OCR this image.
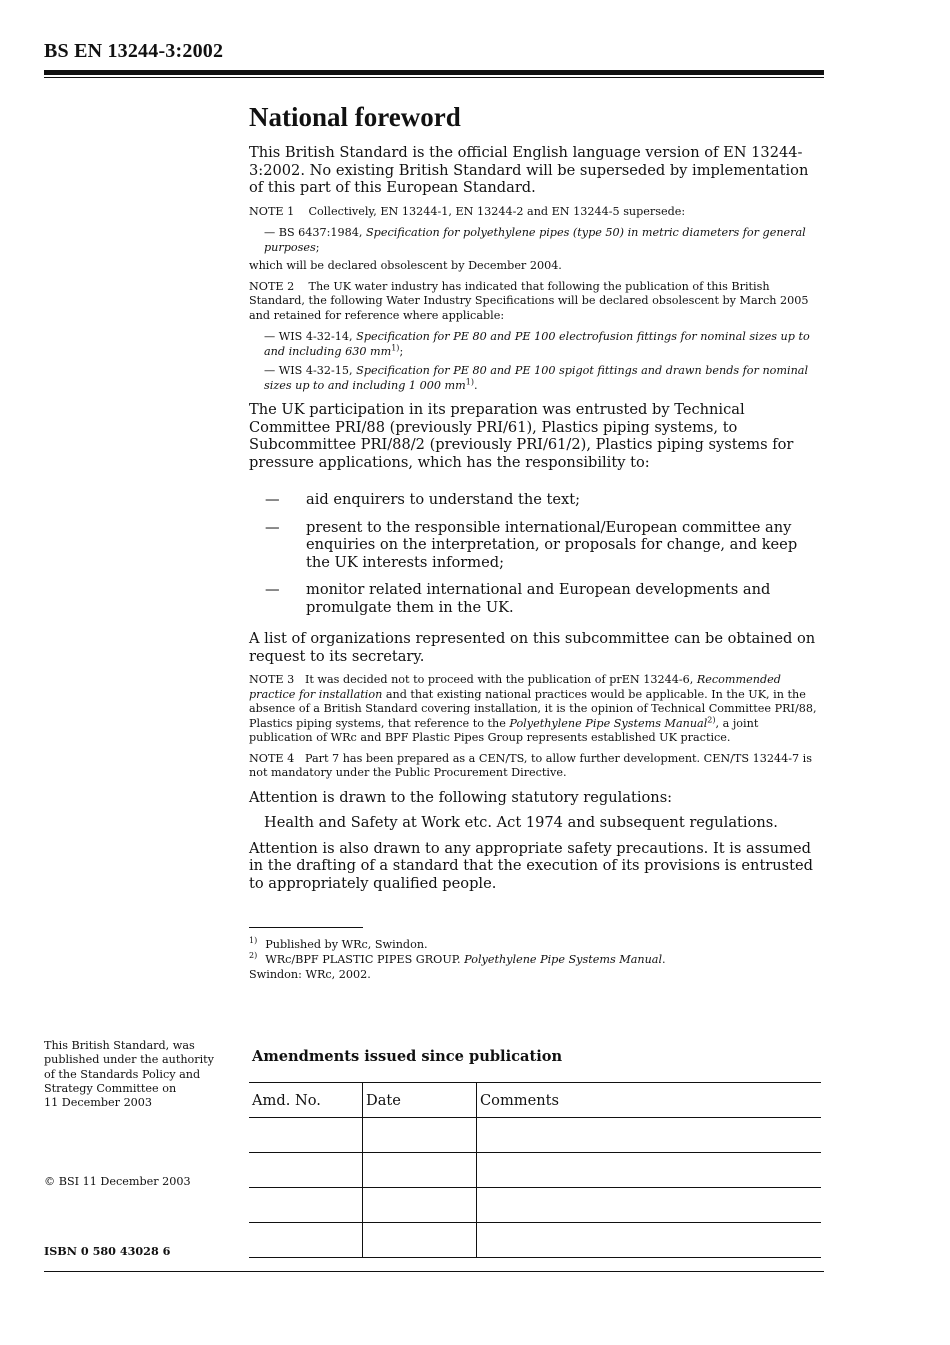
BS EN 13244-3:2002
National foreword

This British Standard is the official English language version of EN 13244-3:2002. No existing British Standard will be superseded by implementation of this part of this European Standard.

NOTE 1 Collectively, EN 13244-1, EN 13244-2 and EN 13244-5 supersede:
— BS 6437:1984, Specification for polyethylene pipes (type 50) in metric diameters for general purposes;
which will be declared obsolescent by December 2004.
NOTE 2 The UK water industry has indicated that following the publication of this British Standard, the following Water Industry Specifications will be declared obsolescent by March 2005 and retained for reference where applicable:
— WIS 4-32-14, Specification for PE 80 and PE 100 electrofusion fittings for nominal sizes up to and including 630 $mm^{1)}$;
— WIS 4-32-15, Specification for PE 80 and PE 100 spigot fittings and drawn bends for nominal sizes up to and including 1 000 $mm^{1)}$.

The UK participation in its preparation was entrusted by Technical Committee PRI/88 (previously PRI/61), Plastics piping systems, to Subcommittee PRI/88/2 (previously PRI/61/2), Plastics piping systems for pressure applications, which has the responsibility to:

—	aid enquirers to understand the text;
—	present to the responsible international/European committee any enquiries on the interpretation, or proposals for change, and keep the UK interests informed;
—	monitor related international and European developments and promulgate them in the UK.

A list of organizations represented on this subcommittee can be obtained on request to its secretary.

NOTE 3 It was decided not to proceed with the publication of prEN 13244-6, Recommended practice for installation and that existing national practices would be applicable. In the UK, in the absence of a British Standard covering installation, it is the opinion of Technical Committee PRI/88, Plastics piping systems, that reference to the Polyethylene Pipe Systems Manual$^{2)}$, a joint publication of WRc and BPF Plastic Pipes Group represents established UK practice.
NOTE 4 Part 7 has been prepared as a CEN/TS, to allow further development. CEN/TS 13244-7 is not mandatory under the Public Procurement Directive.

Attention is drawn to the following statutory regulations:

Health and Safety at Work etc. Act 1974 and subsequent regulations.

Attention is also drawn to any appropriate safety precautions. It is assumed in the drafting of a standard that the execution of its provisions is entrusted to appropriately qualified people.

$^{1)}$ Published by WRc, Swindon.
$^{2)}$ WRc/BPF PLASTIC PIPES GROUP. Polyethylene Pipe Systems Manual.
Swindon: WRc, 2002.
This British Standard, was
published under the authority
of the Standards Policy and
Strategy Committee on
11 December 2003
© BSI 11 December 2003
ISBN 0 580 43028 6
Amendments issued since publication
Amd. No.	Date	Comments
